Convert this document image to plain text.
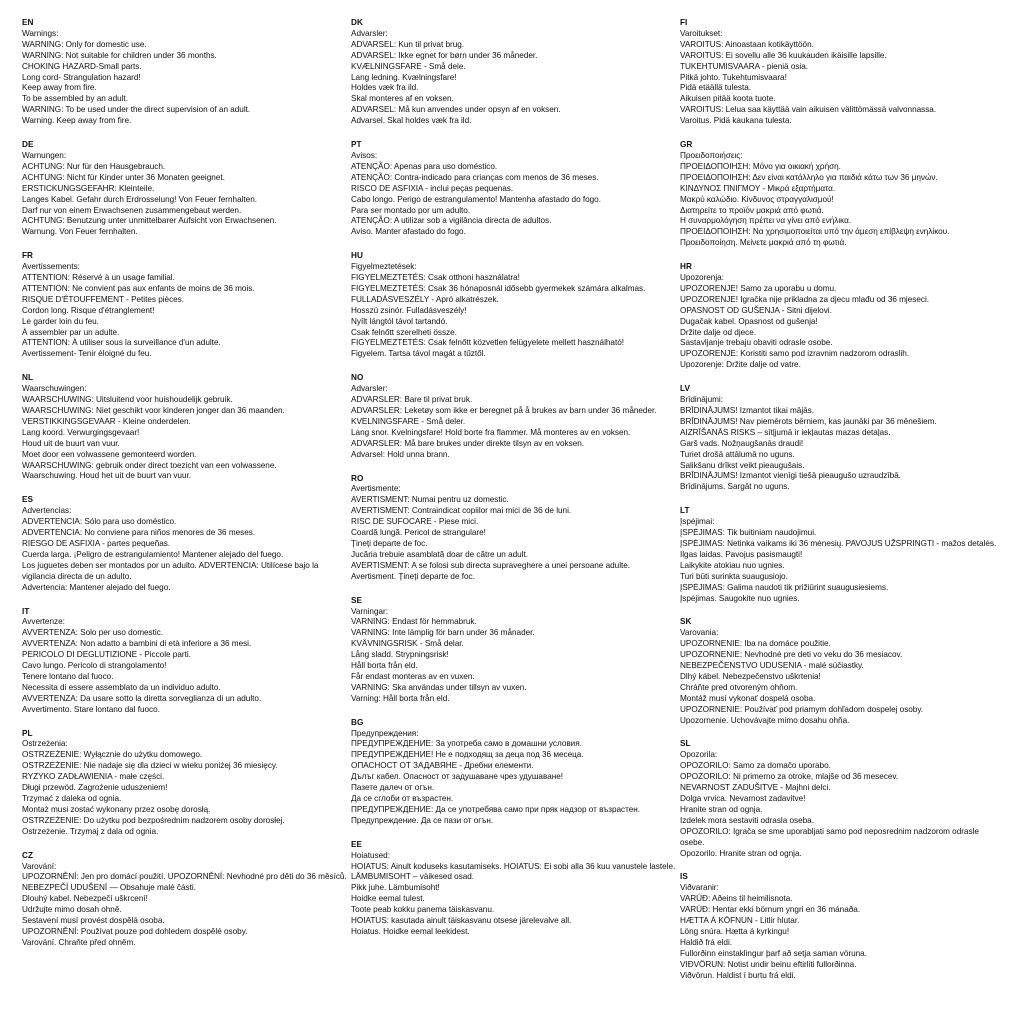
EN
Warnings:
WARNING: Only for domestic use.
WARNING: Not suitable for children under 36 months.
CHOKING HAZARD-Small parts.
Long cord- Strangulation hazard!
Keep away from fire.
To be assembled by an adult.
WARNING: To be used under the direct supervision of an adult.
Warning. Keep away from fire.
DE
Warnungen:
ACHTUNG: Nur für den Hausgebrauch.
ACHTUNG: Nicht für Kinder unter 36 Monaten geeignet.
ERSTICKUNGSGEFAHR: Kleinteile.
Langes Kabel. Gefahr durch Erdrosselung! Von Feuer fernhalten.
Darf nur von einem Erwachsenen zusammengebaut werden.
ACHTUNG: Benutzung unter unmittelbarer Aufsicht von Erwachsenen.
Warnung. Von Feuer fernhalten.
FR
Avertissements:
ATTENTION: Réservé à un usage familial.
ATTENTION: Ne convient pas aux enfants de moins de 36 mois.
RISQUE D'ÉTOUFFEMENT - Petites pièces.
Cordon long. Risque d'étranglement!
Le garder loin du feu.
À assembler par un adulte.
ATTENTION: À utiliser sous la surveillance d'un adulte.
Avertissement- Tenir éloigné du feu.
NL
Waarschuwingen:
WAARSCHUWING: Uitsluitend voor huishoudelijk gebruik.
WAARSCHUWING: Niet geschikt voor kinderen jonger dan 36 maanden.
VERSTIKKINGSGEVAAR - Kleine onderdelen.
Lang koord. Verwurgingsgevaar!
Houd uit de buurt van vuur.
Moet door een volwassene gemonteerd worden.
WAARSCHUWING: gebruik onder direct toezicht van een volwassene.
Waarschuwing. Houd het uit de buurt van vuur.
ES
Advertencias:
ADVERTENCIA: Sólo para uso doméstico.
ADVERTENCIA: No conviene para niños menores de 36 meses.
RIESGO DE ASFIXIA - partes pequeñas.
Cuerda larga. ¡Peligro de estrangulamiento! Mantener alejado del fuego.
Los juguetes deben ser montados por un adulto. ADVERTENCIA: Utilícese bajo la vigilancia directa de un adulto.
Advertencia: Mantener alejado del fuego.
IT
Avvertenze:
AVVERTENZA: Solo per uso domestic.
AVVERTENZA: Non adatto a bambini di età inferiore a 36 mesi.
PERICOLO DI DEGLUTIZIONE - Piccole parti.
Cavo lungo. Pericolo di strangolamento!
Tenere lontano dal fuoco.
Necessita di essere assemblato da un individuo adulto.
AVVERTENZA: Da usare sotto la diretta sorveglianza di un adulto.
Avvertimento. Stare lontano dal fuoco.
PL
Ostrzeżenia:
OSTRZEŻENIE: Wyłącznie do użytku domowego.
OSTRZEŻENIE: Nie nadaje się dla dzieci w wieku poniżej 36 miesięcy.
RYZYKO ZADŁAWIENIA - małe części.
Długi przewód. Zagrożenie uduszeniem!
Trzymać z daleka od ognia.
Montaż musi zostać wykonany przez osobę dorosłą.
OSTRZEŻENIE: Do użytku pod bezpośrednim nadzorem osoby dorosłej.
Ostrzeżenie. Trzymaj z dala od ognia.
CZ
Varování:
UPOZORNĚNÍ: Jen pro domácí použití. UPOZORNĚNÍ: Nevhodné pro děti do 36 měsíců.
NEBEZPEČÍ UDUŠENÍ — Obsahuje malé části.
Dlouhý kabel. Nebezpečí uškrcení!
Udržujte mimo dosah ohně.
Sestavení musí provést dospělá osoba.
UPOZORNĚNÍ: Používat pouze pod dohledem dospělé osoby.
Varování. Chraňte před ohněm.
DK
Advarsler:
ADVARSEL: Kun til privat brug.
ADVARSEL: Ikke egnet for børn under 36 måneder.
KVÆLNINGSFARE - Små dele.
Lang ledning. Kvælningsfare!
Holdes væk fra ild.
Skal monteres af en voksen.
ADVARSEL: Må kun anvendes under opsyn af en voksen.
Advarsel. Skal holdes væk fra ild.
PT
Avisos:
ATENÇÃO: Apenas para uso doméstico.
ATENÇÃO: Contra-indicado para crianças com menos de 36 meses.
RISCO DE ASFIXIA - inclui peças pequenas.
Cabo longo. Perigo de estrangulamento! Mantenha afastado do fogo.
Para ser montado por um adulto.
ATENÇÃO: A utilizar sob a vigilância directa de adultos.
Aviso. Manter afastado do fogo.
HU
Figyelmeztetések:
FIGYELMEZTETÉS: Csak otthoni használatra!
FIGYELMEZTETÉS: Csak 36 hónaposnál idősebb gyermekek számára alkalmas.
FULLADÁSVESZÉLY - Apró alkatrészek.
Hosszú zsinór. Fulladásveszély!
Nyílt lángtól távol tartandó.
Csak felnőtt szerelheti össze.
FIGYELMEZTETÉS: Csak felnőtt közvetlen felügyelete mellett használható!
Figyelem. Tartsa távol magát a tűztől.
NO
Advarsler:
ADVARSLER: Bare til privat bruk.
ADVARSLER: Leketøy som ikke er beregnet på å brukes av barn under 36 måneder.
KVELNINGSFARE - Små deler.
Lang snor. Kvelningsfare! Hold borte fra flammer. Må monteres av en voksen.
ADVARSLER: Må bare brukes under direkte tilsyn av en voksen.
Advarsel: Hold unna brann.
RO
Avertismente:
AVERTISMENT: Numai pentru uz domestic.
AVERTISMENT: Contraindicat copiilor mai mici de 36 de luni.
RISC DE SUFOCARE - Piese mici.
Coardă lungă. Pericol de strangulare!
Țineți departe de foc.
Jucăria trebuie asamblată doar de către un adult.
AVERTISMENT: A se folosi sub directa supraveghere a unei persoane adulte.
Avertisment. Țineți departe de foc.
SE
Varningar:
VARNING: Endast för hemmabruk.
VARNING: Inte lämplig för barn under 36 månader.
KVÄVNINGSRISK - Små delar.
Lång sladd. Strypningsrisk!
Håll borta från eld.
Får endast monteras av en vuxen.
VARNING: Ska användas under tillsyn av vuxen.
Varning: Håll borta från eld.
BG
Предупреждения:
ПРЕДУПРЕЖДЕНИЕ: За употреба само в домашни условия.
ПРЕДУПРЕЖДЕНИЕ! Не е подходящ за деца под 36 месеца.
ОПАСНОСТ ОТ ЗАДАВЯНЕ - Дребни елементи.
Дълъг кабел. Опасност от задушаване чрез удушаване!
Пазете далеч от огън.
Да се сглоби от възрастен.
ПРЕДУПРЕЖДЕНИЕ: Да се употребява само при пряк надзор от възрастен.
Предупреждение. Да се пази от огън.
EE
Hoiatused:
HOIATUS: Ainult koduseks kasutamiseks. HOIATUS: Ei sobi alla 36 kuu vanustele lastele.
LÄMBUMISOHT – väikesed osad.
Pikk juhe. Lämbumisoht!
Hoidke eemal tulest.
Toote peab kokku panema täiskasvanu.
HOIATUS: kasutada ainult täiskasvanu otsese järelevalve all.
Hoiatus. Hoidke eemal leekidest.
FI
Varoitukset:
VAROITUS: Ainoastaan kotikäyttöön.
VAROITUS: Ei sovellu alle 36 kuukauden ikäisille lapsille.
TUKEHTUMISVAARA - pieniä osia.
Pitkä johto. Tukehtumisvaara!
Pidä etäällä tulesta.
Aikuisen pitää koota tuote.
VAROITUS: Leluа saa käyttää vain aikuisen välittömässä valvonnassa.
Varoitus. Pidä kaukana tulesta.
GR
Προειδοποιήσεις:
ΠΡΟΕΙΔΟΠΟΙΗΣΗ: Μόνο για οικιακή χρήση.
ΠΡΟΕΙΔΟΠΟΙΗΣΗ: Δεν είναι κατάλληλο για παιδιά κάτω των 36 μηνών.
ΚΙΝΔΥΝΟΣ ΠΝΙΓΜΟΥ - Μικρά εξαρτήματα.
Μακρύ καλώδιο. Κίνδυνος στραγγαλισμού!
Διατηρείτε το προϊόν μακριά από φωτιά.
Η συναρμολόγηση πρέπει να γίνει από ενήλικα.
ΠΡΟΕΙΔΟΠΟΙΗΣΗ: Να χρησιμοποιείται υπό την άμεση επίβλεψη ενηλίκου.
Προειδοποίηση. Μείνετε μακριά από τη φωτιά.
HR
Upozorenja:
UPOZORENJE! Samo za uporabu u domu.
UPOZORENJE! Igračka nije prikladna za djecu mlađu od 36 mjeseci.
OPASNOST OD GUŠENJA - Sitni dijelovi.
Dugačak kabel. Opasnost od gušenja!
Držite dalje od djece.
Sastavljanje trebaju obaviti odrasle osobe.
UPOZORENJE: Koristiti samo pod izravnim nadzorom odraslih.
Upozorenje: Držite dalje od vatre.
LV
Brīdinājumi:
BRĪDINĀJUMS! Izmantot tikai mājās.
BRĪDINĀJUMS! Nav piemērots bērniem, kas jaunāki par 36 mēnešiem.
AIZRĪŠANĀS RISKS – sītļjumā ir iekļautas mazas detaļas.
Garš vads. Nožņaugšanās draudi!
Turiet drošā attālumā no uguns.
Salikšanu drīkst veikt pieaugušais.
BRĪDINĀJUMS! Izmantot vienīgi tiešā pieaugušo uzraudzībā.
Brīdinājums. Sargāt no uguns.
LT
Įspėjimai:
ĮSPĖJIMAS: Tik buitiniam naudojimui.
ĮSPĖJIMAS: Netinka vaikams iki 36 mėnesių. PAVOJUS UŽSPRINGTI - mažos detalės.
Ilgas laidas. Pavojus pasismaugti!
Laikykite atokiau nuo ugnies.
Turi būti surinkta suaugusiojo.
ĮSPĖJIMAS: Galima naudoti tik prižiūrint suaugusiesiems.
Įspėjimas. Saugokite nuo ugnies.
SK
Varovania:
UPOZORNENIE: Iba na domáce použitie.
UPOZORNENIE: Nevhodné pre deti vo veku do 36 mesiacov.
NEBEZPEČENSTVO UDUSENIA - malé súčiastky.
Dlhý kábel. Nebezpečenstvo uškrtenia!
Chráňte pred otvoreným ohňom.
Montáž musí vykonať dospelá osoba.
UPOZORNENIE: Používať pod priamym dohľadom dospelej osoby.
Upozornenie. Uchovávajte mimo dosahu ohňa.
SL
Opozorila:
OPOZORILO: Samo za domačo uporabo.
OPOZORILO: Ni primerno za otroke, mlajše od 36 mesecev.
NEVARNOST ZADUŠITVE - Majhni delci.
Dolga vrvica. Nevarnost zadavitve!
Hranite stran od ognja.
Izdelek mora sestaviti odrasla oseba.
OPOZORILO: Igrača se sme uporabljati samo pod neposrednim nadzorom odrasle osebe.
Opozorilo. Hranite stran od ognja.
IS
Viðvaranir:
VARÚÐ: Aðeins til heimilisnota.
VARÚÐ: Hentar ekki börnum yngri en 36 mánaða.
HÆTTA Á KÖFNUN - Litlir hlutar.
Löng snúra. Hætta á kyrkingu!
Haldið frá eldi.
Fullorðinn einstaklingur þarf að setja saman vöruna.
VIÐVÖRUN: Notist undir beinu eftirliti fullorðinna.
Viðvörun. Haldist í burtu frá eldi.
